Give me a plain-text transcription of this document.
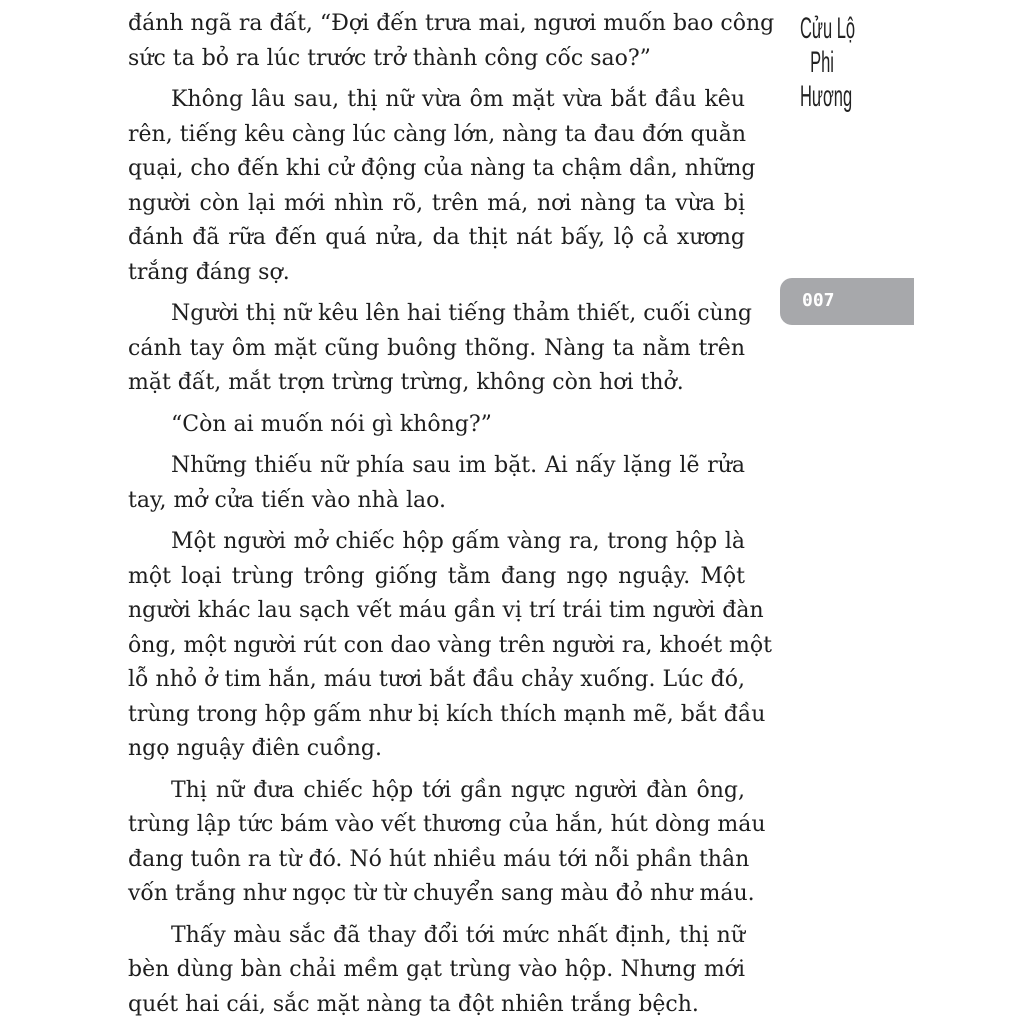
đánh ngã ra đất, “Đợi đến trưa mai, ngươi muốn bao công
sức ta bỏ ra lúc trước trở thành công cốc sao?”
Không lâu sau, thị nữ vừa ôm mặt vừa bắt đầu kêu
rên, tiếng kêu càng lúc càng lớn, nàng ta đau đớn quằn
quại, cho đến khi cử động của nàng ta chậm dần, những
người còn lại mới nhìn rõ, trên má, nơi nàng ta vừa bị
đánh đã rữa đến quá nửa, da thịt nát bấy, lộ cả xương
trắng đáng sợ.
Người thị nữ kêu lên hai tiếng thảm thiết, cuối cùng
cánh tay ôm mặt cũng buông thõng. Nàng ta nằm trên
mặt đất, mắt trợn trừng trừng, không còn hơi thở.
“Còn ai muốn nói gì không?”
Những thiếu nữ phía sau im bặt. Ai nấy lặng lẽ rửa
tay, mở cửa tiến vào nhà lao.
Một người mở chiếc hộp gấm vàng ra, trong hộp là
một loại trùng trông giống tằm đang ngọ nguậy. Một
người khác lau sạch vết máu gần vị trí trái tim người đàn
ông, một người rút con dao vàng trên người ra, khoét một
lỗ nhỏ ở tim hắn, máu tươi bắt đầu chảy xuống. Lúc đó,
trùng trong hộp gấm như bị kích thích mạnh mẽ, bắt đầu
ngọ nguậy điên cuồng.
Thị nữ đưa chiếc hộp tới gần ngực người đàn ông,
trùng lập tức bám vào vết thương của hắn, hút dòng máu
đang tuôn ra từ đó. Nó hút nhiều máu tới nỗi phần thân
vốn trắng như ngọc từ từ chuyển sang màu đỏ như máu.
Thấy màu sắc đã thay đổi tới mức nhất định, thị nữ
bèn dùng bàn chải mềm gạt trùng vào hộp. Nhưng mới
quét hai cái, sắc mặt nàng ta đột nhiên trắng bệch.
Cửu Lộ
Phi
Hương
007
